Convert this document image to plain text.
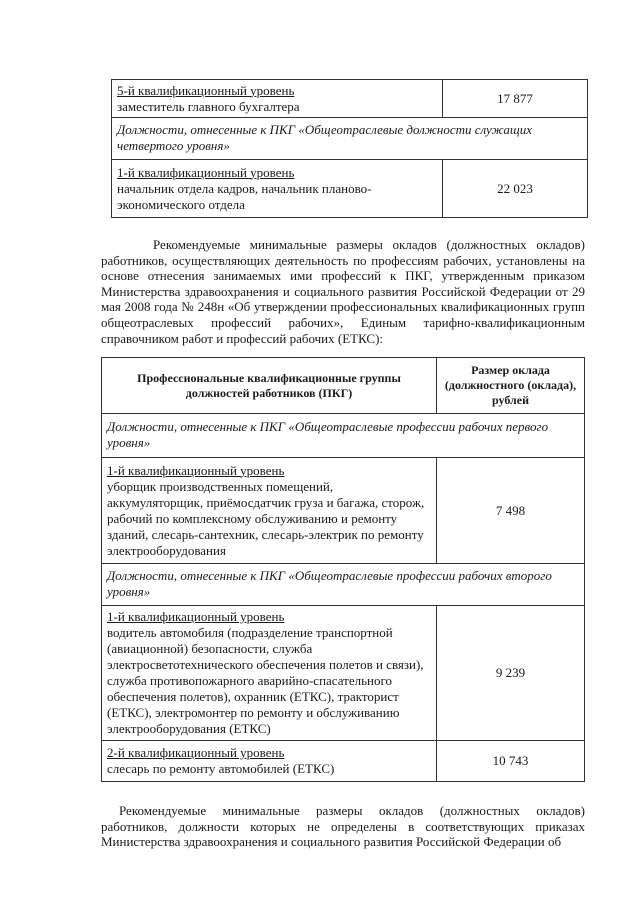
5-й квалификационный уровень
заместитель главного бухгалтера	17 877
Должности, отнесенные к ПКГ «Общеотраслевые должности служащих четвертого уровня»	

1-й квалификационный уровень
начальник отдела кадров, начальник планово-экономического отдела	22 023

Рекомендуемые минимальные размеры окладов (должностных окладов) работников, осуществляющих деятельность по профессиям рабочих, установлены на основе отнесения занимаемых ими профессий к ПКГ, утвержденным приказом Министерства здравоохранения и социального развития Российской Федерации от 29 мая 2008 года № 248н «Об утверждении профессиональных квалификационных групп общеотраслевых профессий рабочих», Единым тарифно-квалификационным справочником работ и профессий рабочих (ЕТКС):

Профессиональные квалификационные группы должностей работников (ПКГ)	Размер оклада (должностного (оклада), рублей
Должности, отнесенные к ПКГ «Общеотраслевые профессии рабочих первого уровня»	

1-й квалификационный уровень
уборщик производственных помещений, аккумуляторщик, приёмосдатчик груза и багажа, сторож, рабочий по комплексному обслуживанию и ремонту зданий, слесарь-сантехник, слесарь-электрик по ремонту электрооборудования	7 498
Должности, отнесенные к ПКГ «Общеотраслевые профессии рабочих второго уровня»	

1-й квалификационный уровень
водитель автомобиля (подразделение транспортной (авиационной) безопасности, служба электросветотехнического обеспечения полетов и связи), служба противопожарного аварийно-спасательного обеспечения полетов), охранник (ЕТКС), тракторист (ЕТКС), электромонтер по ремонту и обслуживанию электрооборудования (ЕТКС)	9 239

2-й квалификационный уровень
слесарь по ремонту автомобилей (ЕТКС)	10 743

Рекомендуемые минимальные размеры окладов (должностных окладов) работников, должности которых не определены в соответствующих приказах Министерства здравоохранения и социального развития Российской Федерации об
